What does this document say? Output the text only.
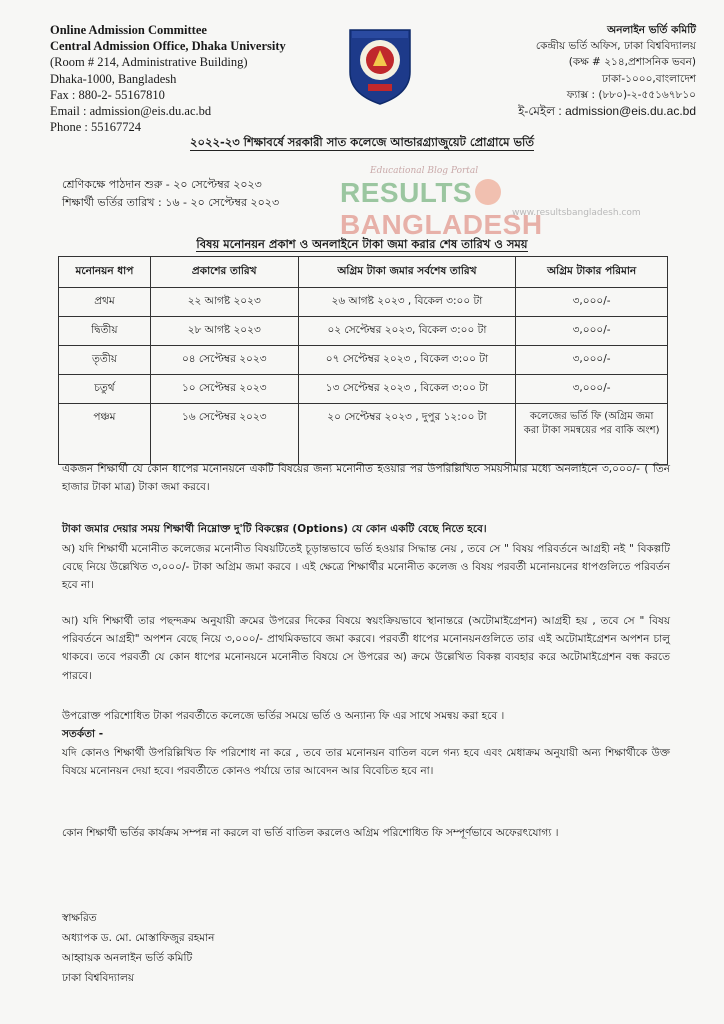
Online Admission Committee
Central Admission Office, Dhaka University
(Room # 214, Administrative Building)
Dhaka-1000, Bangladesh
Fax : 880-2- 55167810
Email : admission@eis.du.ac.bd
Phone : 55167724
অনলাইন ভর্তি কমিটি
কেন্দ্রীয় ভর্তি অফিস, ঢাকা বিশ্ববিদ্যালয়
(কক্ষ # ২১৪,প্রশাসনিক ভবন)
ঢাকা-১০০০,বাংলাদেশ
ফ্যাক্স : (৮৮০)-২-৫৫১৬৭৮১০
ই-মেইল : admission@eis.du.ac.bd
২০২২-২৩ শিক্ষাবর্ষে সরকারী সাত কলেজে আন্ডারগ্র্যাজুয়েট প্রোগ্রামে ভর্তি
শ্রেণিকক্ষে পাঠদান শুরু - ২০ সেপ্টেম্বর ২০২৩
শিক্ষার্থী ভর্তির তারিখ : ১৬ - ২০ সেপ্টেম্বর ২০২৩
Educational Blog Portal
RESULTSBANGLADESH
www.resultsbangladesh.com
বিষয় মনোনয়ন প্রকাশ ও অনলাইনে টাকা জমা করার শেষ তারিখ ও সময়
মনোনয়ন ধাপ	প্রকাশের তারিখ	অগ্রিম টাকা জমার সর্বশেষ তারিখ	অগ্রিম টাকার পরিমান
প্রথম	২২ আগষ্ট ২০২৩	২৬ আগষ্ট ২০২৩ , বিকেল ৩:০০ টা	৩,০০০/-
দ্বিতীয়	২৮ আগষ্ট ২০২৩	০২ সেপ্টেম্বর ২০২৩, বিকেল ৩:০০ টা	৩,০০০/-
তৃতীয়	০৪ সেপ্টেম্বর ২০২৩	০৭ সেপ্টেম্বর ২০২৩ , বিকেল ৩:০০ টা	৩,০০০/-
চতুর্থ	১০ সেপ্টেম্বর ২০২৩	১৩ সেপ্টেম্বর ২০২৩ , বিকেল ৩:০০ টা	৩,০০০/-
পঞ্চম	১৬ সেপ্টেম্বর ২০২৩	২০ সেপ্টেম্বর ২০২৩ , দুপুর ১২:০০ টা	কলেজের ভর্তি ফি (অগ্রিম জমা করা টাকা সমন্বয়ের পর বাকি অংশ)
একজন শিক্ষার্থী যে কোন ধাপের মনোনয়নে একটি বিষয়ের জন্য মনোনীত হওয়ার পর উপরিল্লিখিত সময়সীমার মধ্যে অনলাইনে ৩,০০০/- ( তিন হাজার টাকা মাত্র) টাকা জমা করবে।
টাকা জমার দেয়ার সময় শিক্ষার্থী নিম্নোক্ত দু'টি বিকল্পের (Options) যে কোন একটি বেছে নিতে হবে।
অ) যদি শিক্ষার্থী মনোনীত কলেজের মনোনীত বিষয়টিতেই চূড়ান্তভাবে ভর্তি হওয়ার সিদ্ধান্ত নেয় , তবে সে " বিষয় পরিবর্তনে আগ্রহী নই " বিকল্পটি বেছে নিয়ে উল্লেখিত ৩,০০০/- টাকা অগ্রিম জমা করবে । এই ক্ষেত্রে শিক্ষার্থীর মনোনীত কলেজ ও বিষয় পরবর্তী মনোনয়নের ধাপগুলিতে পরিবর্তন হবে না।
আ) যদি শিক্ষার্থী তার পছন্দক্রম অনুযায়ী ক্রমের উপরের দিকের বিষয়ে স্বয়ংক্রিয়ভাবে স্থানান্তরে (অটোমাইগ্রেশন) আগ্রহী হয় , তবে সে " বিষয় পরিবর্তনে আগ্রহী" অপশন বেছে নিয়ে ৩,০০০/- প্রাথমিকভাবে জমা করবে। পরবর্তী ধাপের মনোনয়নগুলিতে তার এই অটোমাইগ্রেশন অপশন চালু থাকবে। তবে পরবর্তী যে কোন ধাপের মনোনয়নে মনোনীত বিষয়ে সে উপরের অ) ক্রমে উল্লেখিত বিকল্প ব্যবহার করে অটোমাইগ্রেশন বন্ধ করতে পারবে।
উপরোক্ত পরিশোধিত টাকা পরবর্তীতে কলেজে ভর্তির সময়ে ভর্তি ও অন্যান্য ফি এর সাথে সমন্বয় করা হবে ।
সতর্কতা -
যদি কোনও শিক্ষার্থী উপরিল্লিখিত ফি পরিশোধ না করে , তবে তার মনোনয়ন বাতিল বলে গন্য হবে এবং মেধাক্রম অনুযায়ী অন্য শিক্ষার্থীকে উক্ত বিষয়ে মনোনয়ন দেয়া হবে। পরবর্তীতে কোনও পর্যায়ে তার আবেদন আর বিবেচিত হবে না।
কোন শিক্ষার্থী ভর্তির কার্যক্রম সম্পন্ন না করলে বা ভর্তি বাতিল করলেও অগ্রিম পরিশোধিত ফি সম্পূর্ণভাবে অফেরৎযোগ্য ।
স্বাক্ষরিত
অধ্যাপক ড. মো. মোস্তাফিজুর রহমান
আহ্বায়ক অনলাইন ভর্তি কমিটি
ঢাকা বিশ্ববিদ্যালয়
